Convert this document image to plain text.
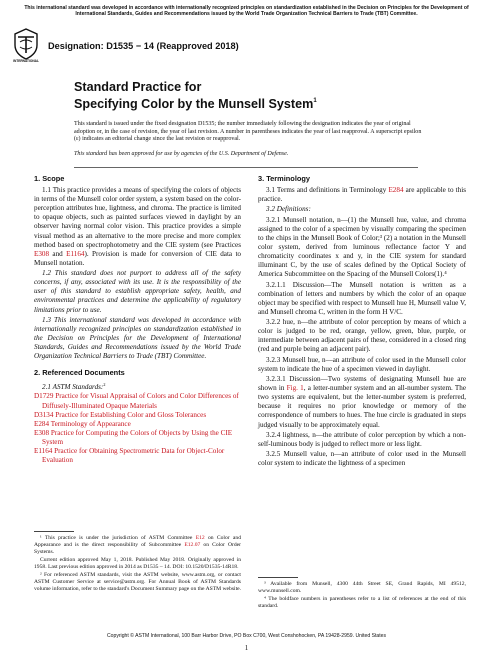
This international standard was developed in accordance with internationally recognized principles on standardization established in the Decision on Principles for the Development of International Standards, Guides and Recommendations issued by the World Trade Organization Technical Barriers to Trade (TBT) Committee.
INTERNATIONAL
Designation: D1535 − 14 (Reapproved 2018)
Standard Practice for
Specifying Color by the Munsell System$^1$
This standard is issued under the fixed designation D1535; the number immediately following the designation indicates the year of original adoption or, in the case of revision, the year of last revision. A number in parentheses indicates the year of last reapproval. A superscript epsilon (ε) indicates an editorial change since the last revision or reapproval.
This standard has been approved for use by agencies of the U.S. Department of Defense.
1. Scope

1.1 This practice provides a means of specifying the colors of objects in terms of the Munsell color order system, a system based on the color-perception attributes hue, lightness, and chroma. The practice is limited to opaque objects, such as painted surfaces viewed in daylight by an observer having normal color vision. This practice provides a simple visual method as an alternative to the more precise and more complex method based on spectrophotometry and the CIE system (see Practices E308 and E1164). Provision is made for conversion of CIE data to Munsell notation.

1.2 This standard does not purport to address all of the safety concerns, if any, associated with its use. It is the responsibility of the user of this standard to establish appropriate safety, health, and environmental practices and determine the applicability of regulatory limitations prior to use.

1.3 This international standard was developed in accordance with internationally recognized principles on standardization established in the Decision on Principles for the Development of International Standards, Guides and Recommendations issued by the World Trade Organization Technical Barriers to Trade (TBT) Committee.

2. Referenced Documents

2.1 ASTM Standards:$^2$

D1729 Practice for Visual Appraisal of Colors and Color Differences of Diffusely-Illuminated Opaque Materials
D3134 Practice for Establishing Color and Gloss Tolerances
E284 Terminology of Appearance
E308 Practice for Computing the Colors of Objects by Using the CIE System
E1164 Practice for Obtaining Spectrometric Data for Object-Color Evaluation

¹ This practice is under the jurisdiction of ASTM Committee E12 on Color and Appearance and is the direct responsibility of Subcommittee E12.07 on Color Order Systems.

Current edition approved May 1, 2018. Published May 2018. Originally approved in 1958. Last previous edition approved in 2014 as D1535 – 14. DOI: 10.1520/D1535-14R18.

² For referenced ASTM standards, visit the ASTM website, www.astm.org, or contact ASTM Customer Service at service@astm.org. For Annual Book of ASTM Standards volume information, refer to the standard's Document Summary page on the ASTM website.

3. Terminology

3.1 Terms and definitions in Terminology E284 are applicable to this practice.

3.2 Definitions:

3.2.1 Munsell notation, n—(1) the Munsell hue, value, and chroma assigned to the color of a specimen by visually comparing the specimen to the chips in the Munsell Book of Color;³ (2) a notation in the Munsell color system, derived from luminous reflectance factor Y and chromaticity coordinates x and y, in the CIE system for standard illuminant C, by the use of scales defined by the Optical Society of America Subcommittee on the Spacing of the Munsell Colors(1).⁴

3.2.1.1 Discussion—The Munsell notation is written as a combination of letters and numbers by which the color of an opaque object may be specified with respect to Munsell hue H, Munsell value V, and Munsell chroma C, written in the form H V/C.

3.2.2 hue, n—the attribute of color perception by means of which a color is judged to be red, orange, yellow, green, blue, purple, or intermediate between adjacent pairs of these, considered in a closed ring (red and purple being an adjacent pair).

3.2.3 Munsell hue, n—an attribute of color used in the Munsell color system to indicate the hue of a specimen viewed in daylight.

3.2.3.1 Discussion—Two systems of designating Munsell hue are shown in Fig. 1, a letter-number system and an all-number system. The two systems are equivalent, but the letter-number system is preferred, because it requires no prior knowledge or memory of the correspondence of numbers to hues. The hue circle is graduated in steps judged visually to be approximately equal.

3.2.4 lightness, n—the attribute of color perception by which a non-self-luminous body is judged to reflect more or less light.

3.2.5 Munsell value, n—an attribute of color used in the Munsell color system to indicate the lightness of a specimen

³ Available from Munsell, 4300 44th Street SE, Grand Rapids, MI 49512, www.munsell.com.

⁴ The boldface numbers in parentheses refer to a list of references at the end of this standard.

Copyright © ASTM International, 100 Barr Harbor Drive, PO Box C700, West Conshohocken, PA 19428-2959. United States
1
